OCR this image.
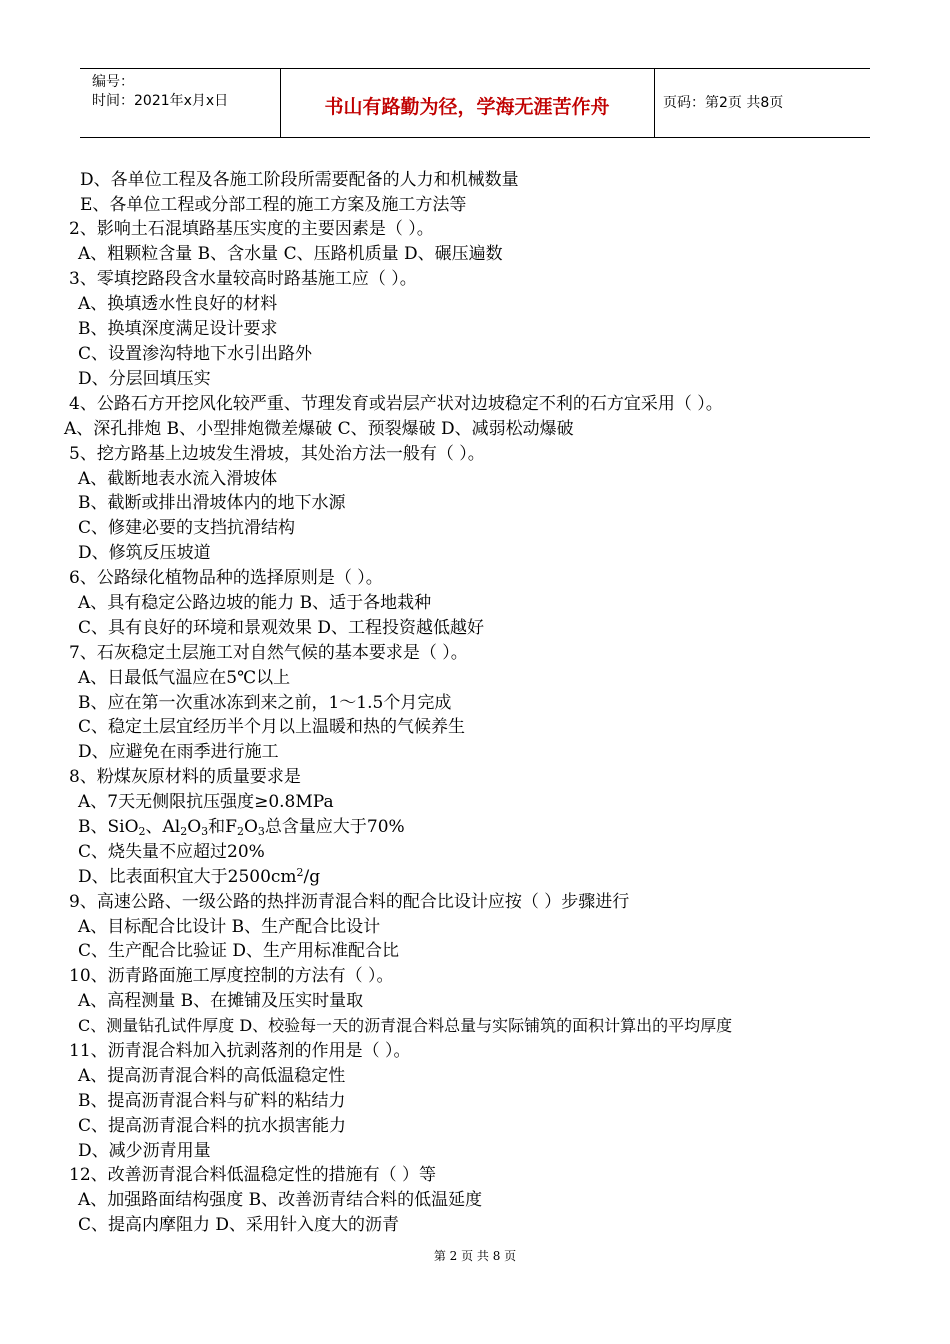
编号：
时间：2021年x月x日	书山有路勤为径，学海无涯苦作舟	页码：第2页 共8页
D、各单位工程及各施工阶段所需要配备的人力和机械数量
E、各单位工程或分部工程的施工方案及施工方法等
2、影响土石混填路基压实度的主要因素是（ ）。
A、粗颗粒含量 B、含水量 C、压路机质量 D、碾压遍数
3、零填挖路段含水量较高时路基施工应（ ）。
A、换填透水性良好的材料
B、换填深度满足设计要求
C、设置渗沟特地下水引出路外
D、分层回填压实
4、公路石方开挖风化较严重、节理发育或岩层产状对边坡稳定不利的石方宜采用（ ）。
A、深孔排炮 B、小型排炮微差爆破 C、预裂爆破 D、减弱松动爆破
5、挖方路基上边坡发生滑坡，其处治方法一般有（ ）。
A、截断地表水流入滑坡体
B、截断或排出滑坡体内的地下水源
C、修建必要的支挡抗滑结构
D、修筑反压坡道
6、公路绿化植物品种的选择原则是（ ）。
A、具有稳定公路边坡的能力 B、适于各地栽种
C、具有良好的环境和景观效果 D、工程投资越低越好
7、石灰稳定土层施工对自然气候的基本要求是（ ）。
A、日最低气温应在5℃以上
B、应在第一次重冰冻到来之前，1～1.5个月完成
C、稳定土层宜经历半个月以上温暖和热的气候养生
D、应避免在雨季进行施工
8、粉煤灰原材料的质量要求是
A、7天无侧限抗压强度≥0.8MPa
B、SiO$_2$、$Al_2O_3$和$F_2O_3$总含量应大于70%
C、烧失量不应超过20%
D、比表面积宜大于$2500cm^2/g$
9、高速公路、一级公路的热拌沥青混合料的配合比设计应按（ ）步骤进行
A、目标配合比设计 B、生产配合比设计
C、生产配合比验证 D、生产用标准配合比
10、沥青路面施工厚度控制的方法有（ ）。
A、高程测量 B、在摊铺及压实时量取
C、测量钻孔试件厚度 D、校验每一天的沥青混合料总量与实际铺筑的面积计算出的平均厚度
11、沥青混合料加入抗剥落剂的作用是（ ）。
A、提高沥青混合料的高低温稳定性
B、提高沥青混合料与矿料的粘结力
C、提高沥青混合料的抗水损害能力
D、减少沥青用量
12、改善沥青混合料低温稳定性的措施有（ ）等
A、加强路面结构强度 B、改善沥青结合料的低温延度
C、提高内摩阻力 D、采用针入度大的沥青
第 2 页 共 8 页
